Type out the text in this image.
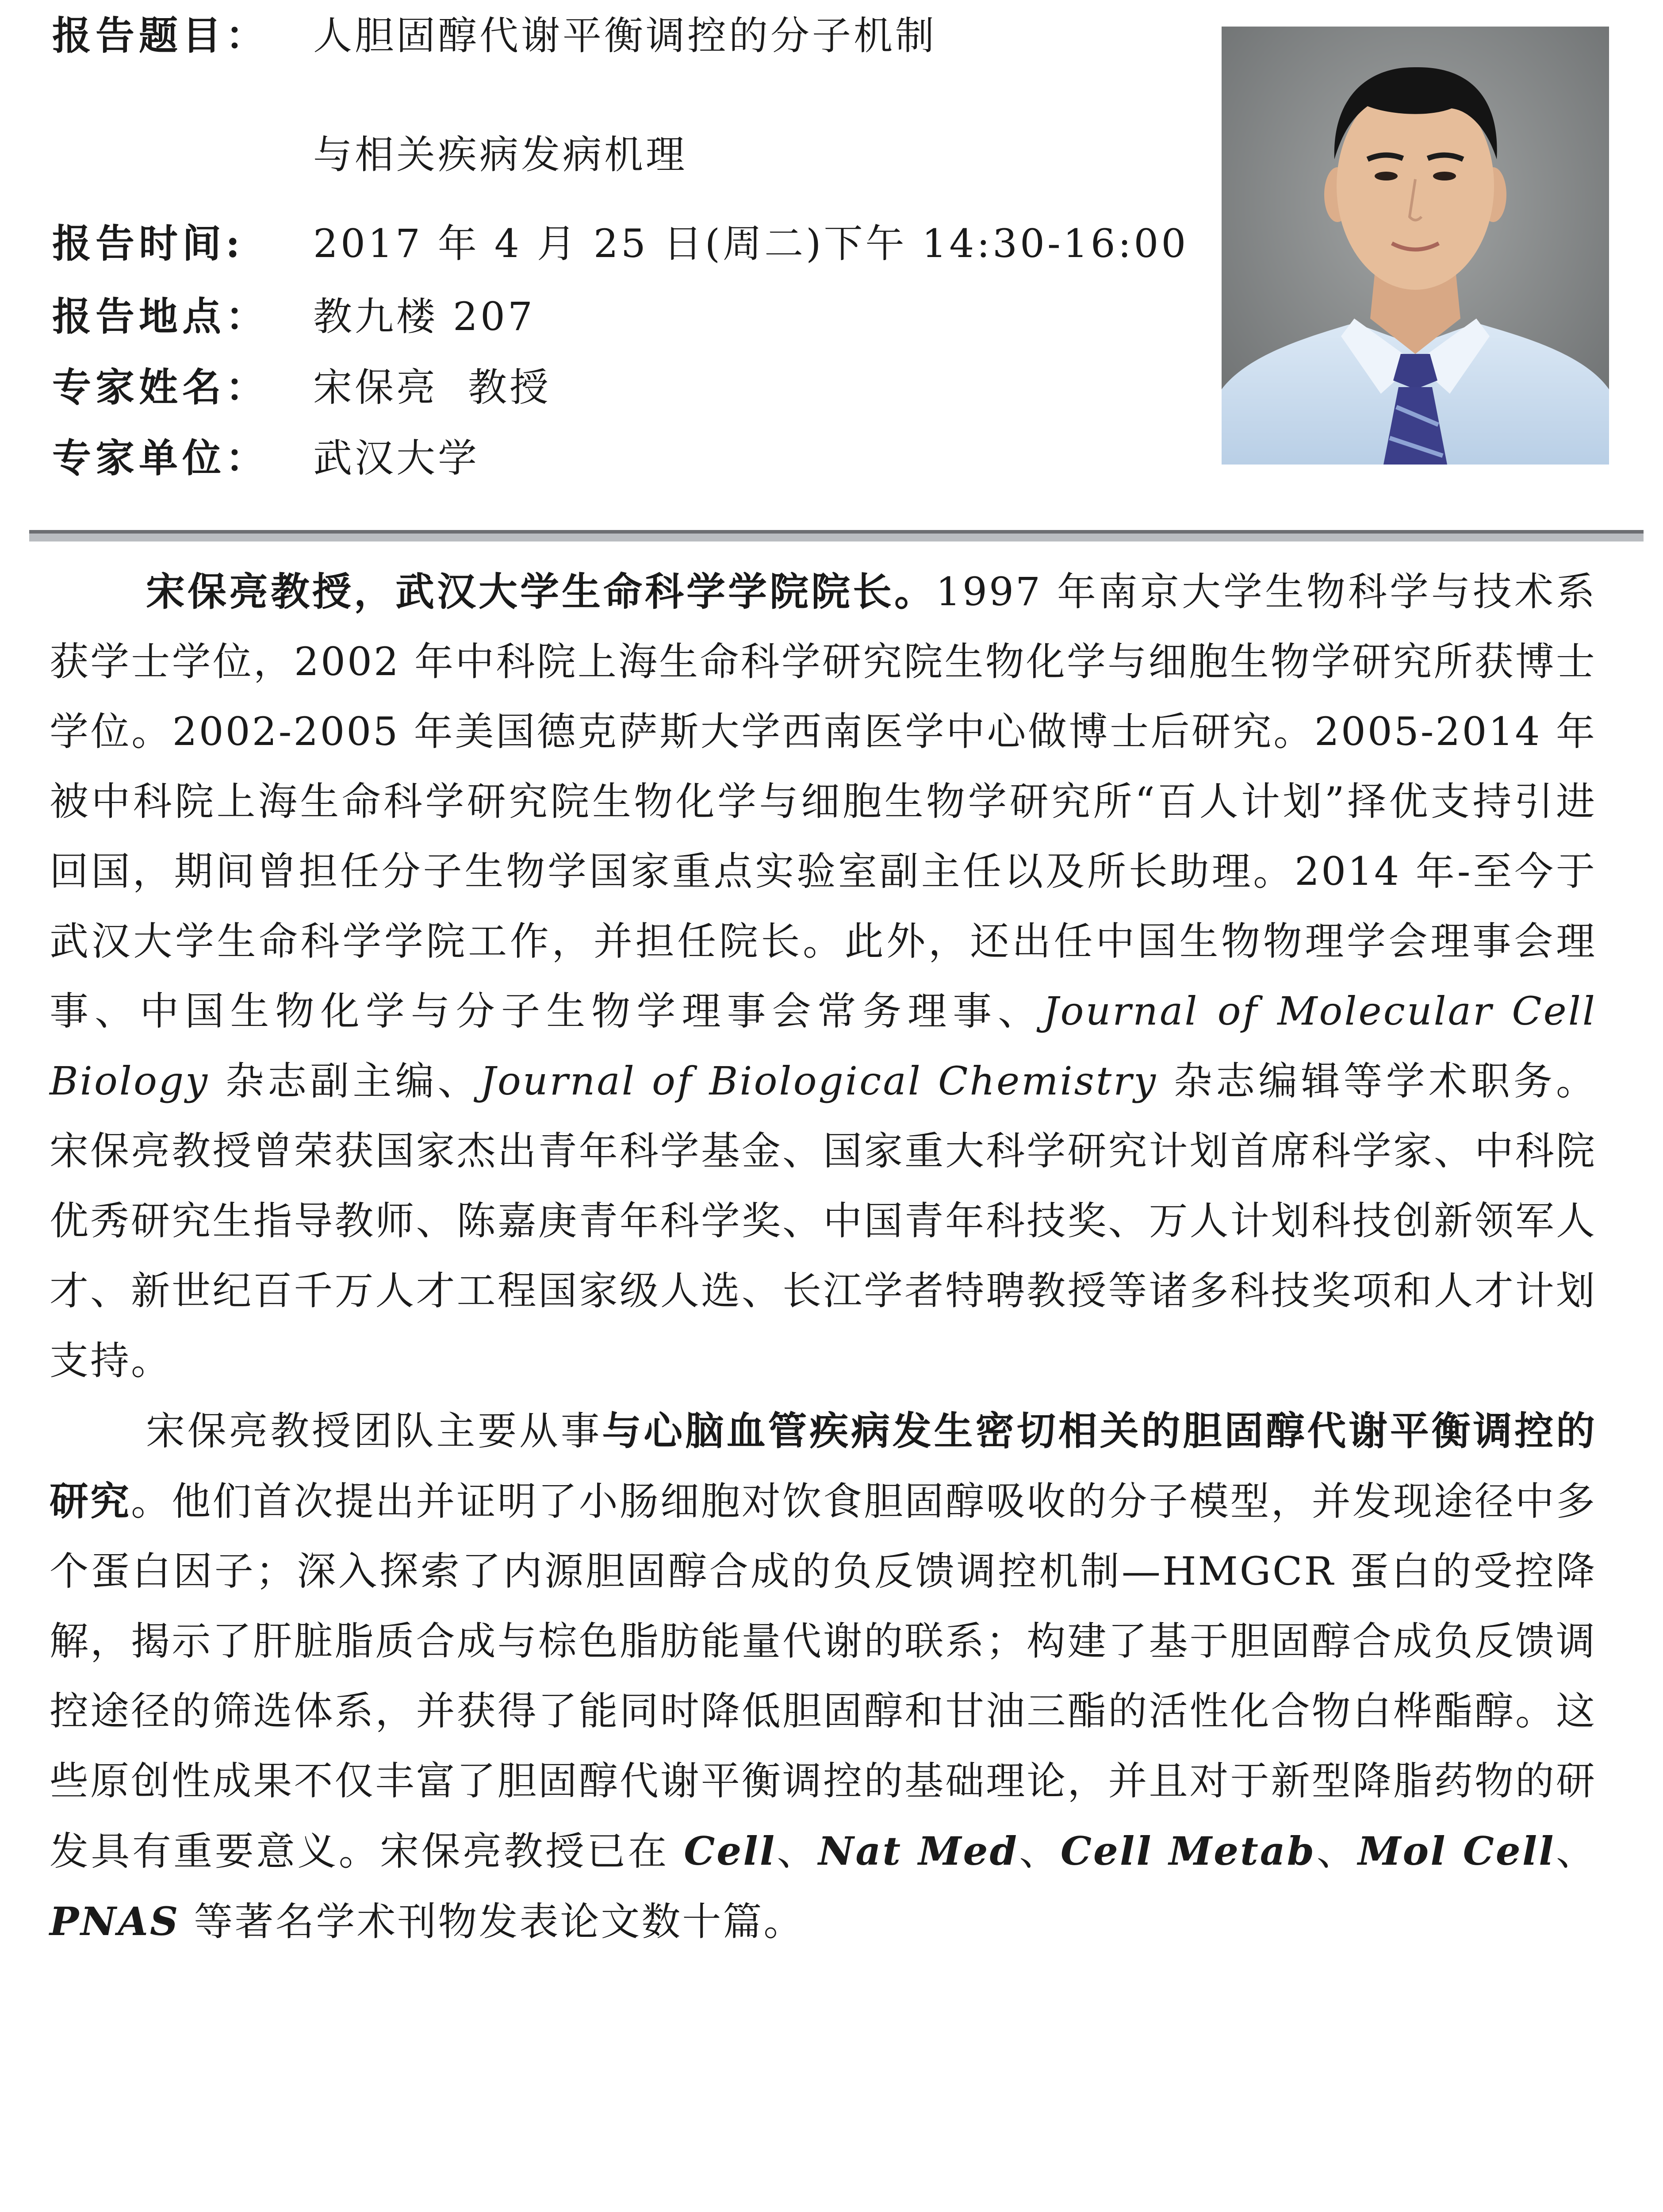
报告题目： 人胆固醇代谢平衡调控的分子机制
与相关疾病发病机理
报告时间: 2017 年 4 月 25 日(周二)下午 14:30-16:00
报告地点： 教九楼 207
专家姓名： 宋保亮  教授
专家单位： 武汉大学

宋保亮教授，武汉大学生命科学学院院长。1997 年南京大学生物科学与技术系获学士学位，2002 年中科院上海生命科学研究院生物化学与细胞生物学研究所获博士学位。2002-2005 年美国德克萨斯大学西南医学中心做博士后研究。2005-2014 年被中科院上海生命科学研究院生物化学与细胞生物学研究所“百人计划”择优支持引进回国，期间曾担任分子生物学国家重点实验室副主任以及所长助理。2014 年-至今于武汉大学生命科学学院工作，并担任院长。此外，还出任中国生物物理学会理事会理事、中国生物化学与分子生物学理事会常务理事、Journal of Molecular Cell Biology 杂志副主编、Journal of Biological Chemistry 杂志编辑等学术职务。宋保亮教授曾荣获国家杰出青年科学基金、国家重大科学研究计划首席科学家、中科院优秀研究生指导教师、陈嘉庚青年科学奖、中国青年科技奖、万人计划科技创新领军人才、新世纪百千万人才工程国家级人选、长江学者特聘教授等诸多科技奖项和人才计划支持。

宋保亮教授团队主要从事与心脑血管疾病发生密切相关的胆固醇代谢平衡调控的研究。他们首次提出并证明了小肠细胞对饮食胆固醇吸收的分子模型，并发现途径中多个蛋白因子；深入探索了内源胆固醇合成的负反馈调控机制—HMGCR 蛋白的受控降解，揭示了肝脏脂质合成与棕色脂肪能量代谢的联系；构建了基于胆固醇合成负反馈调控途径的筛选体系，并获得了能同时降低胆固醇和甘油三酯的活性化合物白桦酯醇。这些原创性成果不仅丰富了胆固醇代谢平衡调控的基础理论，并且对于新型降脂药物的研发具有重要意义。宋保亮教授已在 Cell、Nat Med、Cell Metab、Mol Cell、PNAS 等著名学术刊物发表论文数十篇。
